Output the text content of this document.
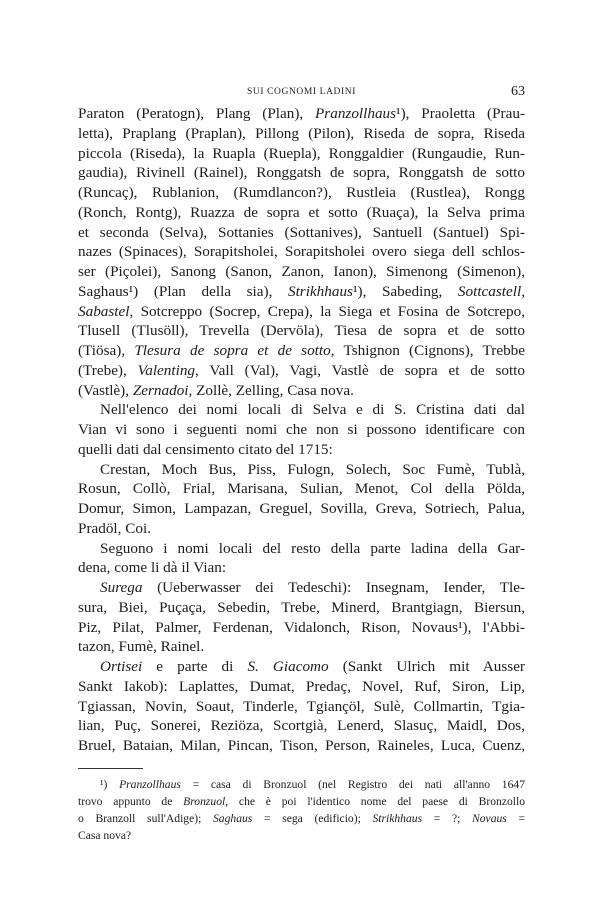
SUI COGNOMI LADINI	63
Paraton (Peratogn), Plang (Plan), Pranzollhaus¹), Praoletta (Prau-
letta), Praplang (Praplan), Pillong (Pilon), Riseda de sopra, Riseda
piccola (Riseda), la Ruapla (Ruepla), Ronggaldier (Rungaudie, Run-
gaudia), Rivinell (Rainel), Ronggatsh de sopra, Ronggatsh de sotto
(Runcaç), Rublanion, (Rumdlancon?), Rustleia (Rustlea), Rongg
(Ronch, Rontg), Ruazza de sopra et sotto (Ruaça), la Selva prima
et seconda (Selva), Sottanies (Sottanives), Santuell (Santuel) Spi-
nazes (Spinaces), Sorapitsholei, Sorapitsholei overo siega dell schlos-
ser (Piçolei), Sanong (Sanon, Zanon, Ianon), Simenong (Simenon),
Saghaus¹) (Plan della sia), Strikhhaus¹), Sabeding, Sottcastell,
Sabastel, Sotcreppo (Socrep, Crepa), la Siega et Fosina de Sotcrepo,
Tlusell (Tlusöll), Trevella (Dervöla), Tiesa de sopra et de sotto
(Tiösa), Tlesura de sopra et de sotto, Tshignon (Cignons), Trebbe
(Trebe), Valenting, Vall (Val), Vagi, Vastlè de sopra et de sotto
(Vastlè), Zernadoi, Zollè, Zelling, Casa nova.
Nell'elenco dei nomi locali di Selva e di S. Cristina dati dal
Vian vi sono i seguenti nomi che non si possono identificare con
quelli dati dal censimento citato del 1715:
Crestan, Moch Bus, Piss, Fulogn, Solech, Soc Fumè, Tublà,
Rosun, Collò, Frial, Marisana, Sulian, Menot, Col della Pölda,
Domur, Simon, Lampazan, Greguel, Sovilla, Greva, Sotriech, Palua,
Pradöl, Coi.
Seguono i nomi locali del resto della parte ladina della Gar-
dena, come li dà il Vian:
Surega (Ueberwasser dei Tedeschi): Insegnam, Iender, Tle-
sura, Biei, Puçaça, Sebedin, Trebe, Minerd, Brantgiagn, Biersun,
Piz, Pilat, Palmer, Ferdenan, Vidalonch, Rison, Novaus¹), l'Abbi-
tazon, Fumè, Rainel.
Ortisei e parte di S. Giacomo (Sankt Ulrich mit Ausser
Sankt Iakob): Laplattes, Dumat, Predaç, Novel, Ruf, Siron, Lip,
Tgiassan, Novin, Soaut, Tinderle, Tgiançöl, Sulè, Collmartin, Tgia-
lian, Puç, Sonerei, Reziöza, Scortgià, Lenerd, Slasuç, Maidl, Dos,
Bruel, Bataian, Milan, Pincan, Tison, Person, Raineles, Luca, Cuenz,
¹) Pranzollhaus = casa di Bronzuol (nel Registro dei nati all'anno 1647
trovo appunto de Bronzuol, che è poi l'identico nome del paese di Bronzollo
o Branzoll sull'Adige); Saghaus = sega (edificio); Strikhhaus = ?; Novaus =
Casa nova?
